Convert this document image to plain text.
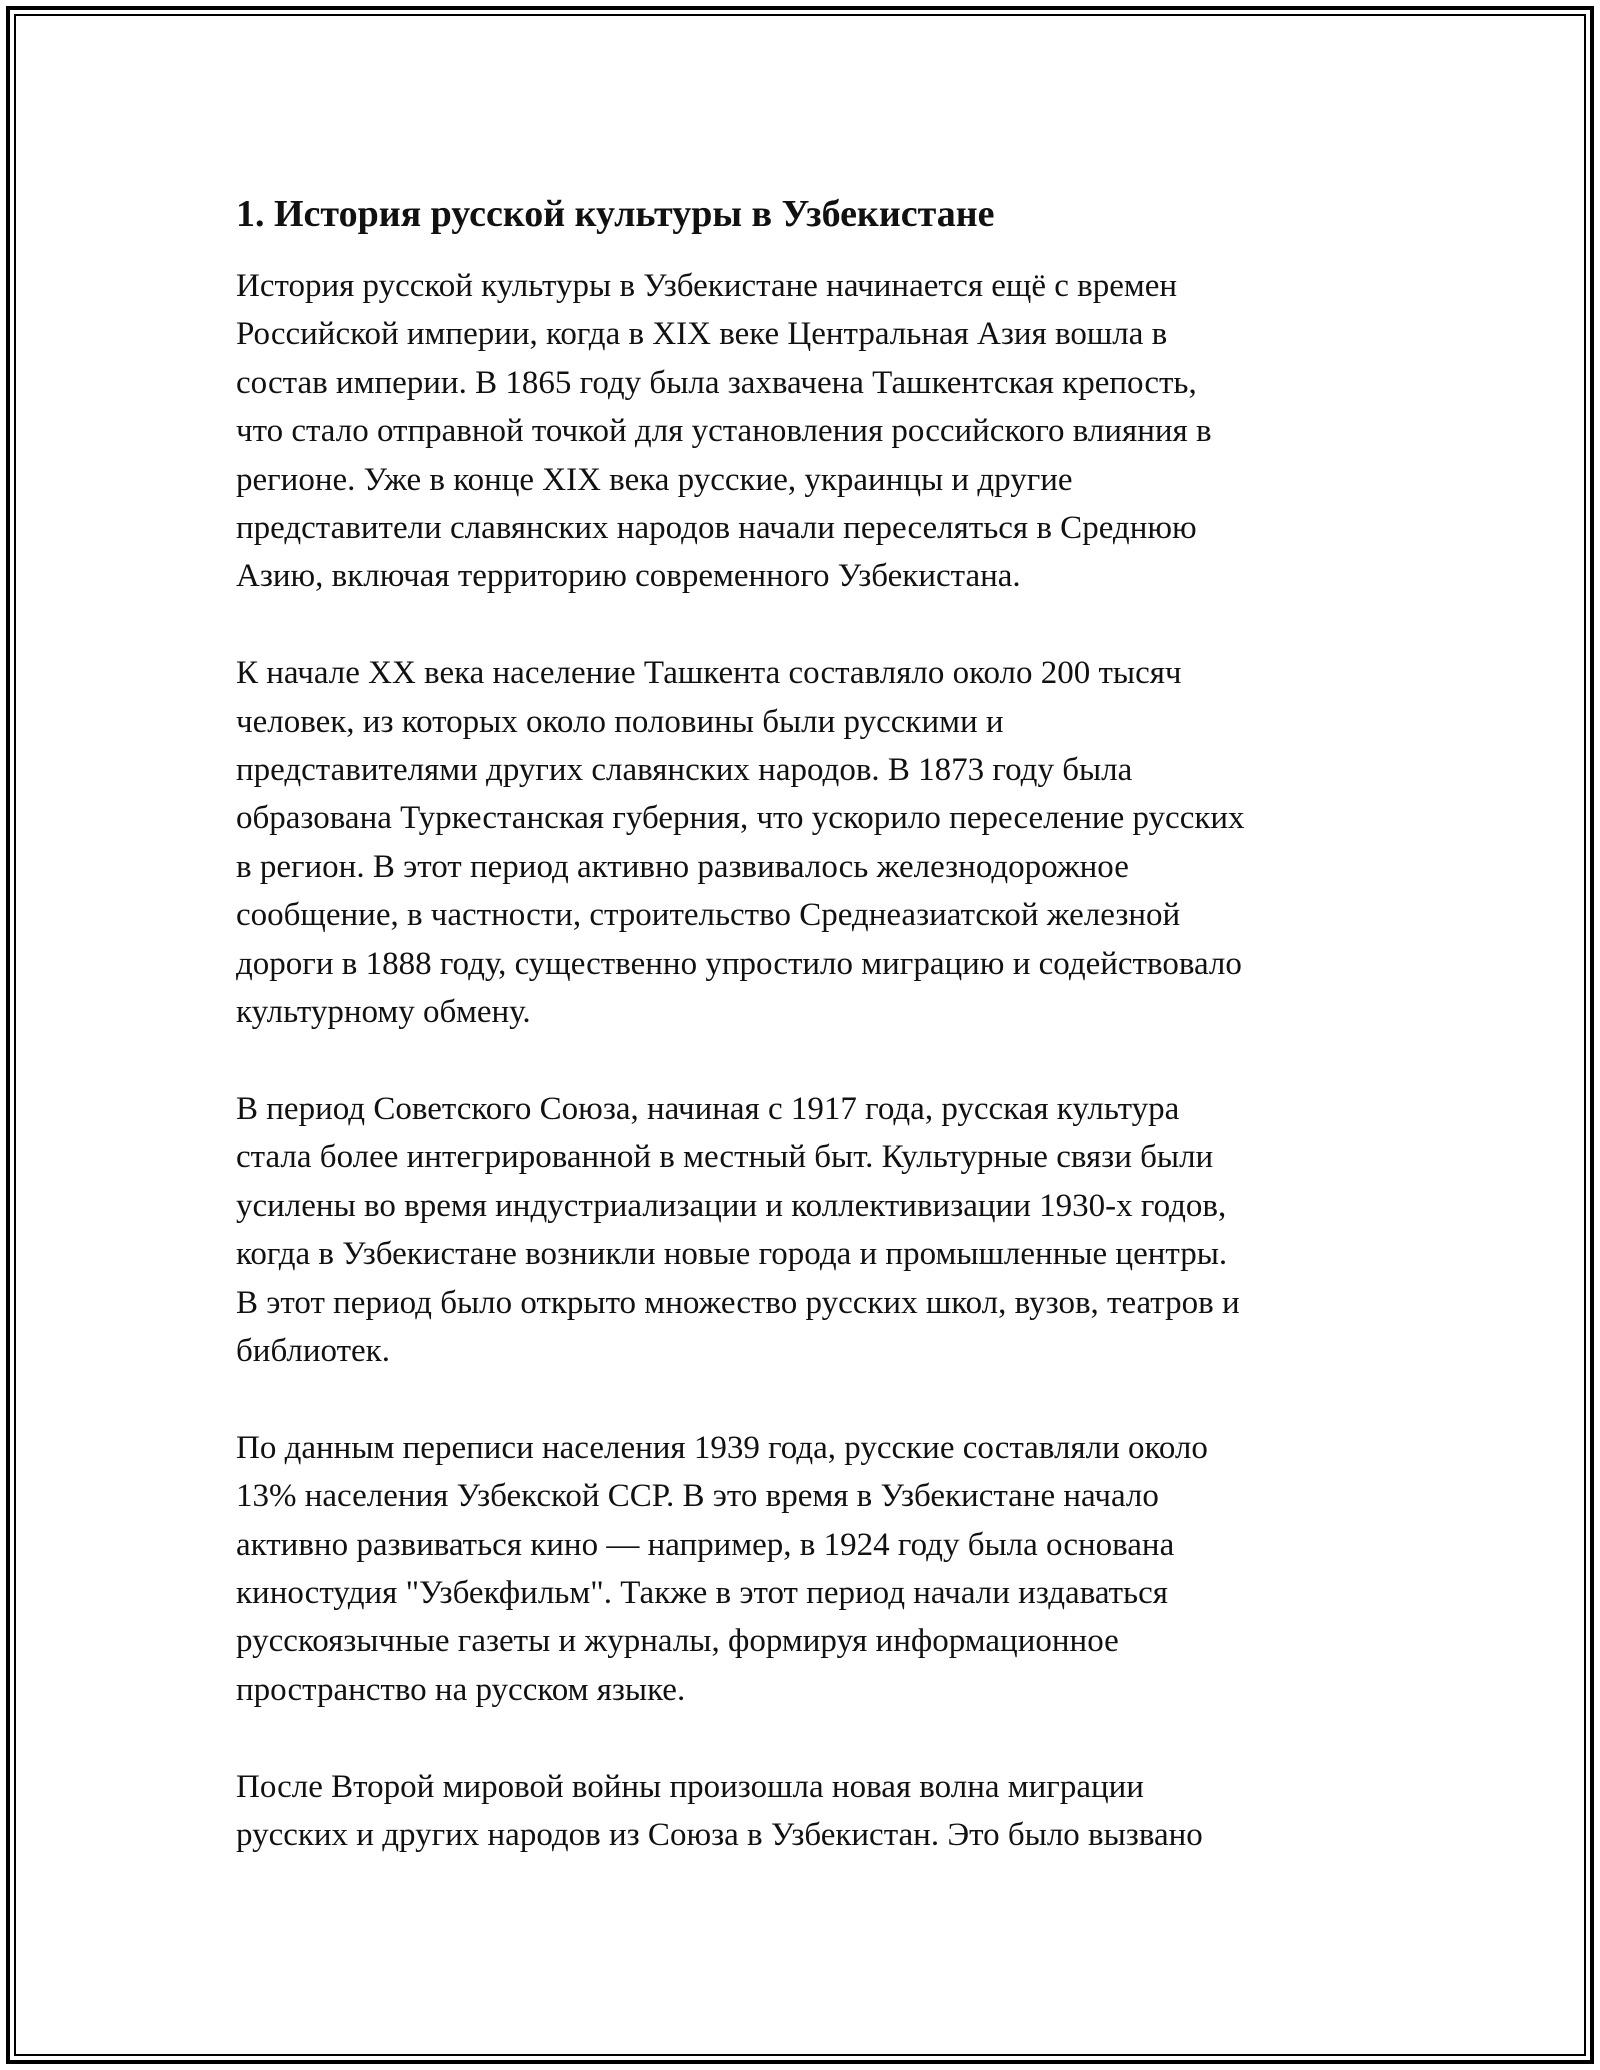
1. История русской культуры в Узбекистане

История русской культуры в Узбекистане начинается ещё с времен
Российской империи, когда в XIX веке Центральная Азия вошла в
состав империи. В 1865 году была захвачена Ташкентская крепость,
что стало отправной точкой для установления российского влияния в
регионе. Уже в конце XIX века русские, украинцы и другие
представители славянских народов начали переселяться в Среднюю
Азию, включая территорию современного Узбекистана.

К начале XX века население Ташкента составляло около 200 тысяч
человек, из которых около половины были русскими и
представителями других славянских народов. В 1873 году была
образована Туркестанская губерния, что ускорило переселение русских
в регион. В этот период активно развивалось железнодорожное
сообщение, в частности, строительство Среднеазиатской железной
дороги в 1888 году, существенно упростило миграцию и содействовало
культурному обмену.

В период Советского Союза, начиная с 1917 года, русская культура
стала более интегрированной в местный быт. Культурные связи были
усилены во время индустриализации и коллективизации 1930-х годов,
когда в Узбекистане возникли новые города и промышленные центры.
В этот период было открыто множество русских школ, вузов, театров и
библиотек.

По данным переписи населения 1939 года, русские составляли около
13% населения Узбекской ССР. В это время в Узбекистане начало
активно развиваться кино — например, в 1924 году была основана
киностудия "Узбекфильм". Также в этот период начали издаваться
русскоязычные газеты и журналы, формируя информационное
пространство на русском языке.

После Второй мировой войны произошла новая волна миграции
русских и других народов из Союза в Узбекистан. Это было вызвано
